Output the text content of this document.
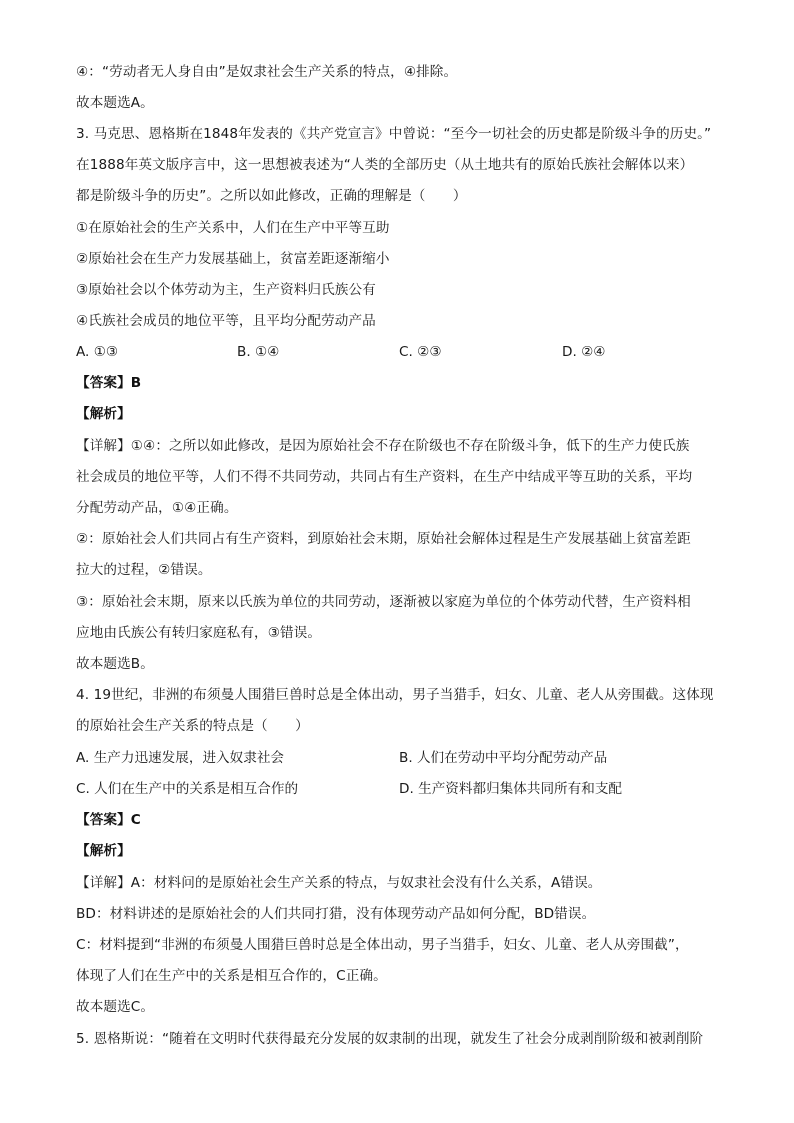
④：“劳动者无人身自由”是奴隶社会生产关系的特点，④排除。
故本题选A。
3. 马克思、恩格斯在1848年发表的《共产党宣言》中曾说：“至今一切社会的历史都是阶级斗争的历史。”
在1888年英文版序言中，这一思想被表述为“人类的全部历史（从土地共有的原始氏族社会解体以来）
都是阶级斗争的历史”。之所以如此修改，正确的理解是（　　）
①在原始社会的生产关系中，人们在生产中平等互助
②原始社会在生产力发展基础上，贫富差距逐渐缩小
③原始社会以个体劳动为主，生产资料归氏族公有
④氏族社会成员的地位平等，且平均分配劳动产品
A. ①③	B. ①④	C. ②③	D. ②④
【答案】B
【解析】
【详解】①④：之所以如此修改，是因为原始社会不存在阶级也不存在阶级斗争，低下的生产力使氏族
社会成员的地位平等，人们不得不共同劳动，共同占有生产资料，在生产中结成平等互助的关系，平均
分配劳动产品，①④正确。
②：原始社会人们共同占有生产资料，到原始社会末期，原始社会解体过程是生产发展基础上贫富差距
拉大的过程，②错误。
③：原始社会末期，原来以氏族为单位的共同劳动，逐渐被以家庭为单位的个体劳动代替，生产资料相
应地由氏族公有转归家庭私有，③错误。
故本题选B。
4. 19世纪，非洲的布须曼人围猎巨兽时总是全体出动，男子当猎手，妇女、儿童、老人从旁围截。这体现
的原始社会生产关系的特点是（　　）
A. 生产力迅速发展，进入奴隶社会	B. 人们在劳动中平均分配劳动产品
C. 人们在生产中的关系是相互合作的	D. 生产资料都归集体共同所有和支配
【答案】C
【解析】
【详解】A：材料问的是原始社会生产关系的特点，与奴隶社会没有什么关系，A错误。
BD：材料讲述的是原始社会的人们共同打猎，没有体现劳动产品如何分配，BD错误。
C：材料提到“非洲的布须曼人围猎巨兽时总是全体出动，男子当猎手，妇女、儿童、老人从旁围截”，
体现了人们在生产中的关系是相互合作的，C正确。
故本题选C。
5. 恩格斯说：“随着在文明时代获得最充分发展的奴隶制的出现，就发生了社会分成剥削阶级和被剥削阶
